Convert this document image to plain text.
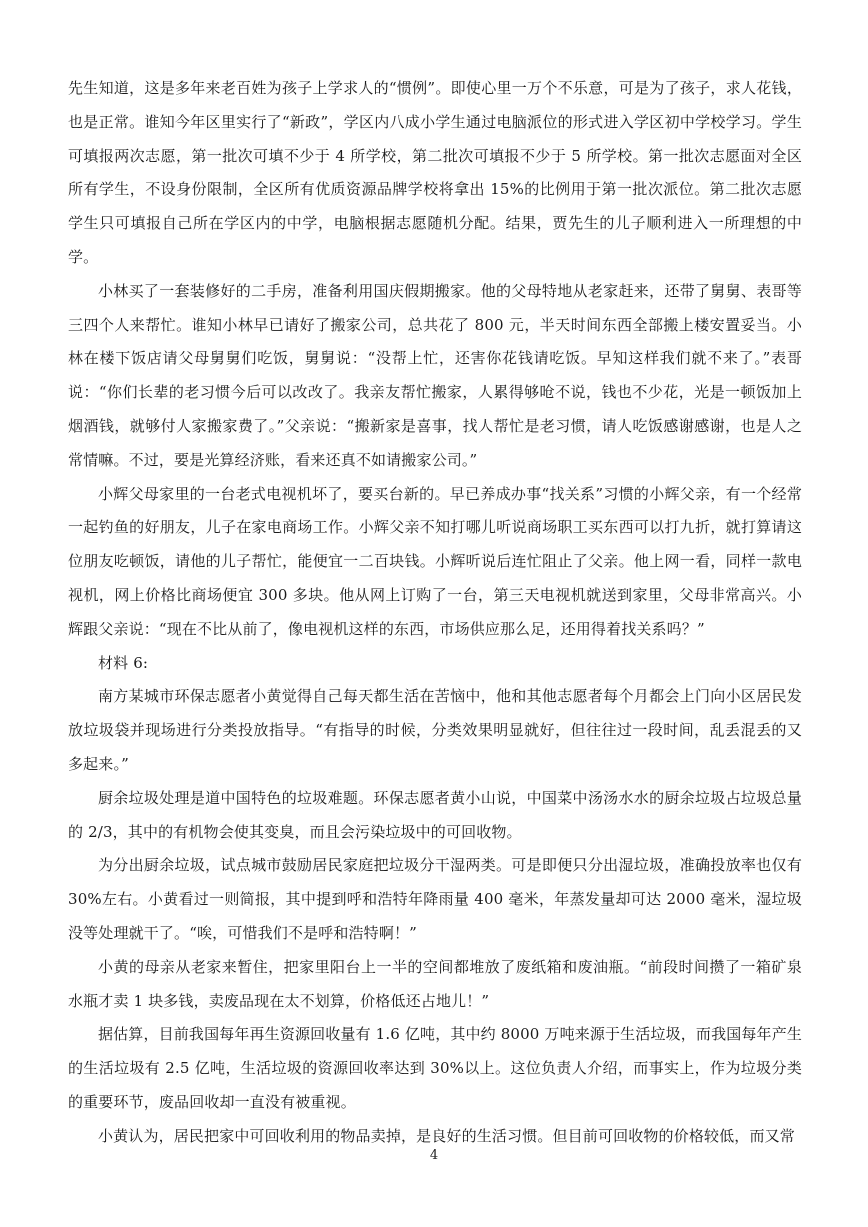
先生知道，这是多年来老百姓为孩子上学求人的“惯例”。即使心里一万个不乐意，可是为了孩子，求人花钱，也是正常。谁知今年区里实行了“新政”，学区内八成小学生通过电脑派位的形式进入学区初中学校学习。学生可填报两次志愿，第一批次可填不少于 4 所学校，第二批次可填报不少于 5 所学校。第一批次志愿面对全区所有学生，不设身份限制，全区所有优质资源品牌学校将拿出 15%的比例用于第一批次派位。第二批次志愿学生只可填报自己所在学区内的中学，电脑根据志愿随机分配。结果，贾先生的儿子顺利进入一所理想的中学。

小林买了一套装修好的二手房，准备利用国庆假期搬家。他的父母特地从老家赶来，还带了舅舅、表哥等三四个人来帮忙。谁知小林早已请好了搬家公司，总共花了 800 元，半天时间东西全部搬上楼安置妥当。小林在楼下饭店请父母舅舅们吃饭，舅舅说：“没帮上忙，还害你花钱请吃饭。早知这样我们就不来了。”表哥说：“你们长辈的老习惯今后可以改改了。我亲友帮忙搬家，人累得够呛不说，钱也不少花，光是一顿饭加上烟酒钱，就够付人家搬家费了。”父亲说：“搬新家是喜事，找人帮忙是老习惯，请人吃饭感谢感谢，也是人之常情嘛。不过，要是光算经济账，看来还真不如请搬家公司。”

小辉父母家里的一台老式电视机坏了，要买台新的。早已养成办事“找关系”习惯的小辉父亲，有一个经常一起钓鱼的好朋友，儿子在家电商场工作。小辉父亲不知打哪儿听说商场职工买东西可以打九折，就打算请这位朋友吃顿饭，请他的儿子帮忙，能便宜一二百块钱。小辉听说后连忙阻止了父亲。他上网一看，同样一款电视机，网上价格比商场便宜 300 多块。他从网上订购了一台，第三天电视机就送到家里，父母非常高兴。小辉跟父亲说：“现在不比从前了，像电视机这样的东西，市场供应那么足，还用得着找关系吗？”

材料 6:

南方某城市环保志愿者小黄觉得自己每天都生活在苦恼中，他和其他志愿者每个月都会上门向小区居民发放垃圾袋并现场进行分类投放指导。“有指导的时候，分类效果明显就好，但往往过一段时间，乱丢混丢的又多起来。”

厨余垃圾处理是道中国特色的垃圾难题。环保志愿者黄小山说，中国菜中汤汤水水的厨余垃圾占垃圾总量的 2/3，其中的有机物会使其变臭，而且会污染垃圾中的可回收物。

为分出厨余垃圾，试点城市鼓励居民家庭把垃圾分干湿两类。可是即便只分出湿垃圾，准确投放率也仅有 30%左右。小黄看过一则简报，其中提到呼和浩特年降雨量 400 毫米，年蒸发量却可达 2000 毫米，湿垃圾没等处理就干了。“唉，可惜我们不是呼和浩特啊！”

小黄的母亲从老家来暂住，把家里阳台上一半的空间都堆放了废纸箱和废油瓶。“前段时间攒了一箱矿泉水瓶才卖 1 块多钱，卖废品现在太不划算，价格低还占地儿！”

据估算，目前我国每年再生资源回收量有 1.6 亿吨，其中约 8000 万吨来源于生活垃圾，而我国每年产生的生活垃圾有 2.5 亿吨，生活垃圾的资源回收率达到 30%以上。这位负责人介绍，而事实上，作为垃圾分类的重要环节，废品回收却一直没有被重视。

小黄认为，居民把家中可回收利用的物品卖掉，是良好的生活习惯。但目前可回收物的价格较低，而又常

4
